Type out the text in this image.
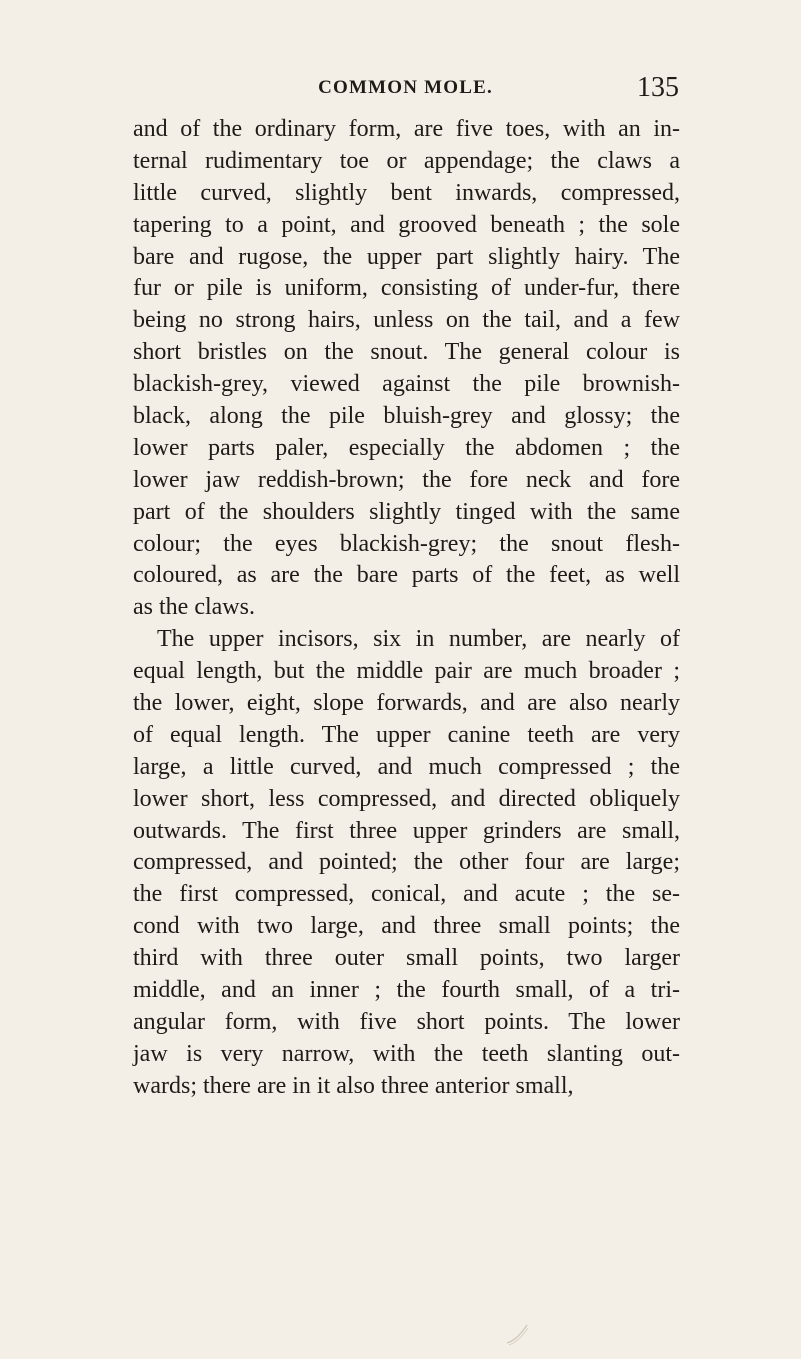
COMMON MOLE.	135
and of the ordinary form, are five toes, with an in-
ternal rudimentary toe or appendage; the claws a
little curved, slightly bent inwards, compressed,
tapering to a point, and grooved beneath ; the sole
bare and rugose, the upper part slightly hairy. The
fur or pile is uniform, consisting of under-fur, there
being no strong hairs, unless on the tail, and a few
short bristles on the snout. The general colour is
blackish-grey, viewed against the pile brownish-
black, along the pile bluish-grey and glossy; the
lower parts paler, especially the abdomen ; the
lower jaw reddish-brown; the fore neck and fore
part of the shoulders slightly tinged with the same
colour; the eyes blackish-grey; the snout flesh-
coloured, as are the bare parts of the feet, as well
as the claws.
The upper incisors, six in number, are nearly of
equal length, but the middle pair are much broader ;
the lower, eight, slope forwards, and are also nearly
of equal length. The upper canine teeth are very
large, a little curved, and much compressed ; the
lower short, less compressed, and directed obliquely
outwards. The first three upper grinders are small,
compressed, and pointed; the other four are large;
the first compressed, conical, and acute ; the se-
cond with two large, and three small points; the
third with three outer small points, two larger
middle, and an inner ; the fourth small, of a tri-
angular form, with five short points. The lower
jaw is very narrow, with the teeth slanting out-
wards; there are in it also three anterior small,
